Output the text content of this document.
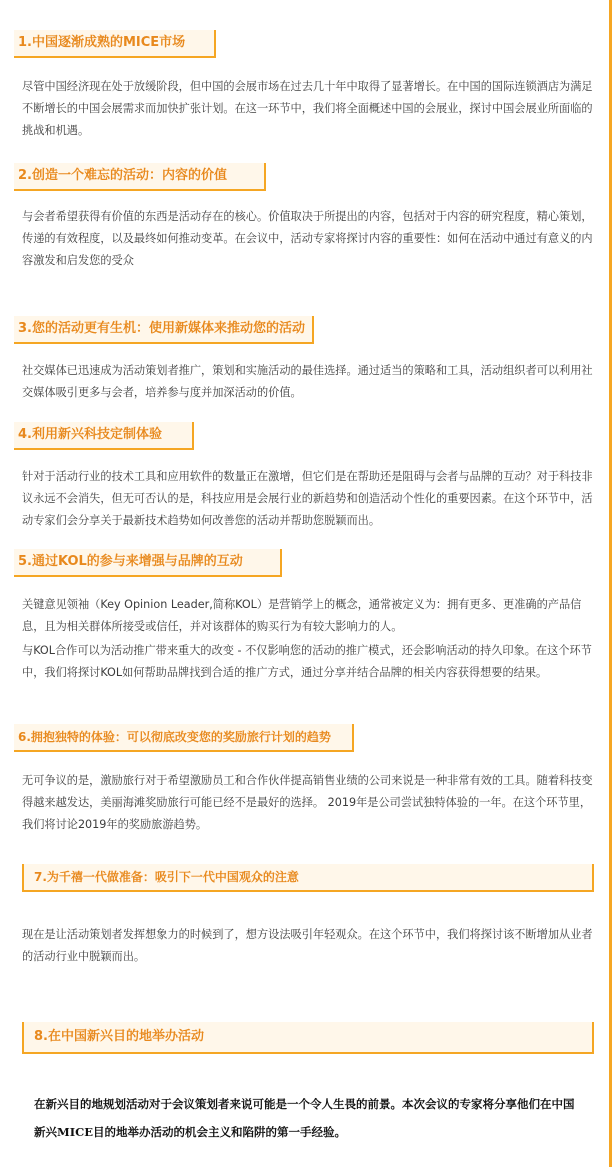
1.中国逐渐成熟的MICE市场

尽管中国经济现在处于放缓阶段，但中国的会展市场在过去几十年中取得了显著增长。在中国的国际连锁酒店为满足不断增长的中国会展需求而加快扩张计划。在这一环节中，我们将全面概述中国的会展业，探讨中国会展业所面临的挑战和机遇。

2.创造一个难忘的活动：内容的价值

与会者希望获得有价值的东西是活动存在的核心。价值取决于所提出的内容，包括对于内容的研究程度，精心策划，传递的有效程度，以及最终如何推动变革。在会议中，活动专家将探讨内容的重要性：如何在活动中通过有意义的内容激发和启发您的受众

3.您的活动更有生机：使用新媒体来推动您的活动

社交媒体已迅速成为活动策划者推广，策划和实施活动的最佳选择。通过适当的策略和工具，活动组织者可以利用社交媒体吸引更多与会者，培养参与度并加深活动的价值。

4.利用新兴科技定制体验

针对于活动行业的技术工具和应用软件的数量正在激增，但它们是在帮助还是阻碍与会者与品牌的互动？对于科技非议永远不会消失，但无可否认的是，科技应用是会展行业的新趋势和创造活动个性化的重要因素。在这个环节中，活动专家们会分享关于最新技术趋势如何改善您的活动并帮助您脱颖而出。

5.通过KOL的参与来增强与品牌的互动

关键意见领袖（Key Opinion Leader,简称KOL）是营销学上的概念，通常被定义为：拥有更多、更准确的产品信息，且为相关群体所接受或信任，并对该群体的购买行为有较大影响力的人。

与KOL合作可以为活动推广带来重大的改变 - 不仅影响您的活动的推广模式，还会影响活动的持久印象。在这个环节中，我们将探讨KOL如何帮助品牌找到合适的推广方式，通过分享并结合品牌的相关内容获得想要的结果。

6.拥抱独特的体验：可以彻底改变您的奖励旅行计划的趋势

无可争议的是，激励旅行对于希望激励员工和合作伙伴提高销售业绩的公司来说是一种非常有效的工具。随着科技变得越来越发达，美丽海滩奖励旅行可能已经不是最好的选择。 2019年是公司尝试独特体验的一年。在这个环节里，我们将讨论2019年的奖励旅游趋势。

7.为千禧一代做准备：吸引下一代中国观众的注意

现在是让活动策划者发挥想象力的时候到了，想方设法吸引年轻观众。在这个环节中，我们将探讨该不断增加从业者的活动行业中脱颖而出。

8.在中国新兴目的地举办活动

在新兴目的地规划活动对于会议策划者来说可能是一个令人生畏的前景。本次会议的专家将分享他们在中国新兴MICE目的地举办活动的机会主义和陷阱的第一手经验。
